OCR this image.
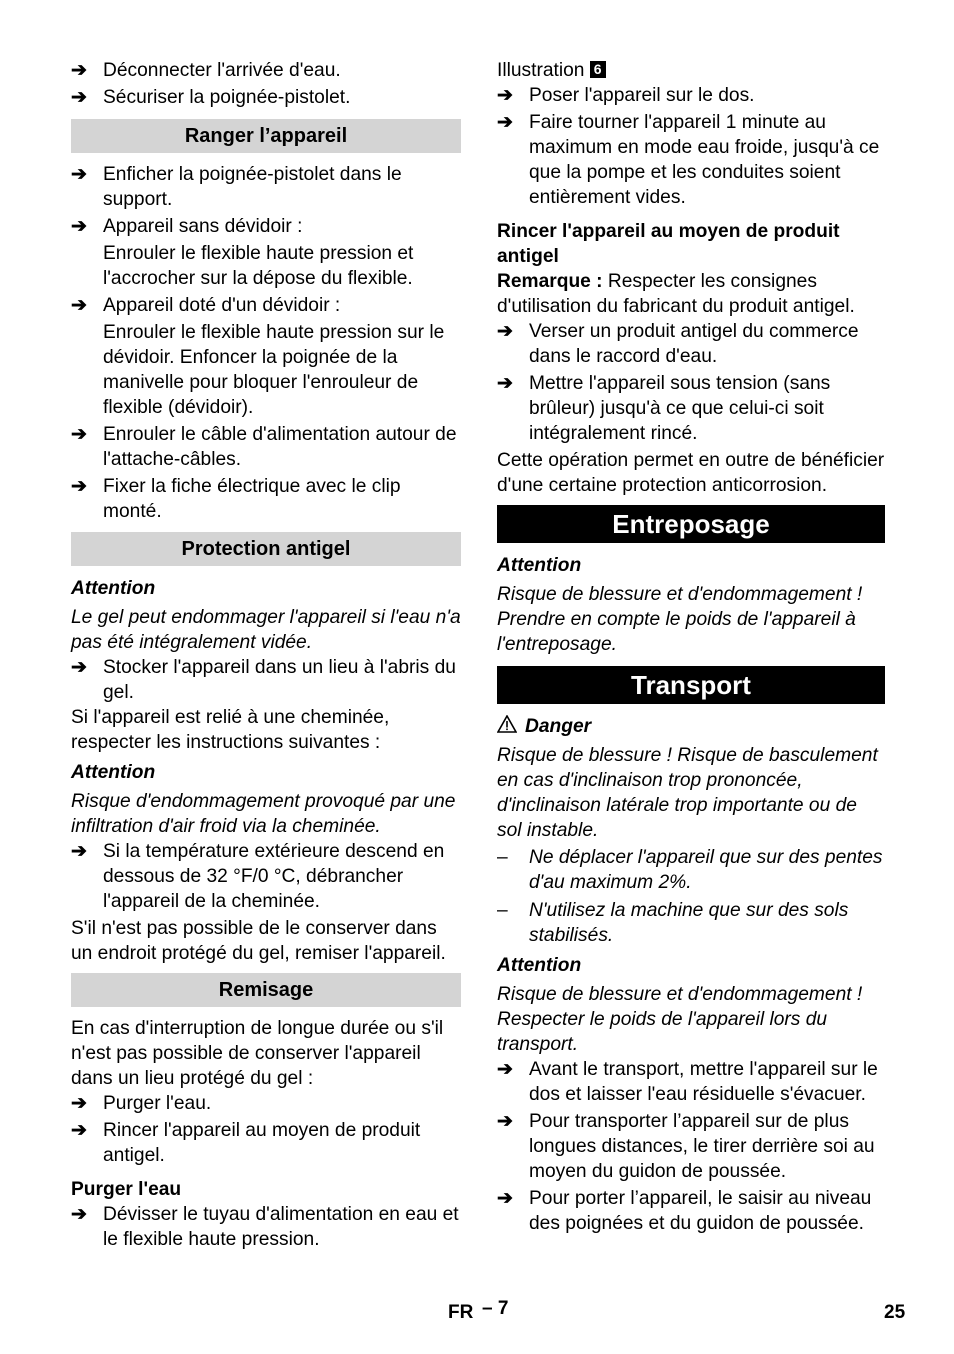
➔ Déconnecter l'arrivée d'eau.

➔ Sécuriser la poignée-pistolet.

Ranger l’appareil
➔ Enficher la poignée-pistolet dans le support.

➔ Appareil sans dévidoir :

Enrouler le flexible haute pression et l'accrocher sur la dépose du flexible.

➔ Appareil doté d'un dévidoir :

Enrouler le flexible haute pression sur le dévidoir. Enfoncer la poignée de la manivelle pour bloquer l'enrouleur de flexible (dévidoir).

➔ Enrouler le câble d'alimentation autour de l'attache-câbles.

➔ Fixer la fiche électrique avec le clip monté.

Protection antigel

Attention

Le gel peut endommager l'appareil si l'eau n'a pas été intégralement vidée.

➔ Stocker l'appareil dans un lieu à l'abris du gel.

Si l'appareil est relié à une cheminée, respecter les instructions suivantes :

Attention

Risque d'endommagement provoqué par une infiltration d'air froid via la cheminée.

➔ Si la température extérieure descend en dessous de 32 °F/0 °C, débrancher l'appareil de la cheminée.

S'il n'est pas possible de le conserver dans un endroit protégé du gel, remiser l'appareil.

Remisage

En cas d'interruption de longue durée ou s'il n'est pas possible de conserver l'appareil dans un lieu protégé du gel :

➔ Purger l'eau.

➔ Rincer l'appareil au moyen de produit antigel.

Purger l'eau

➔ Dévisser le tuyau d'alimentation en eau et le flexible haute pression.

Illustration 6

➔ Poser l'appareil sur le dos.

➔ Faire tourner l'appareil 1 minute au maximum en mode eau froide, jusqu'à ce que la pompe et les conduites soient entièrement vides.

Rincer l'appareil au moyen de produit antigel

Remarque : Respecter les consignes d'utilisation du fabricant du produit antigel.

➔ Verser un produit antigel du commerce dans le raccord d'eau.

➔ Mettre l'appareil sous tension (sans brûleur) jusqu'à ce que celui-ci soit intégralement rincé.

Cette opération permet en outre de bénéficier d'une certaine protection anticorrosion.

Entreposage

Attention

Risque de blessure et d'endommagement ! Prendre en compte le poids de l'appareil à l'entreposage.

Transport

Danger

Risque de blessure ! Risque de basculement en cas d'inclinaison trop prononcée, d'inclinaison latérale trop importante ou de sol instable.

– Ne déplacer l'appareil que sur des pentes d'au maximum 2%.

– N'utilisez la machine que sur des sols stabilisés.

Attention

Risque de blessure et d'endommagement ! Respecter le poids de l'appareil lors du transport.

➔ Avant le transport, mettre l'appareil sur le dos et laisser l'eau résiduelle s'évacuer.

➔ Pour transporter l’appareil sur de plus longues distances, le tirer derrière soi au moyen du guidon de poussée.

➔ Pour porter l’appareil, le saisir au niveau des poignées et du guidon de poussée.

FR – 7	25
